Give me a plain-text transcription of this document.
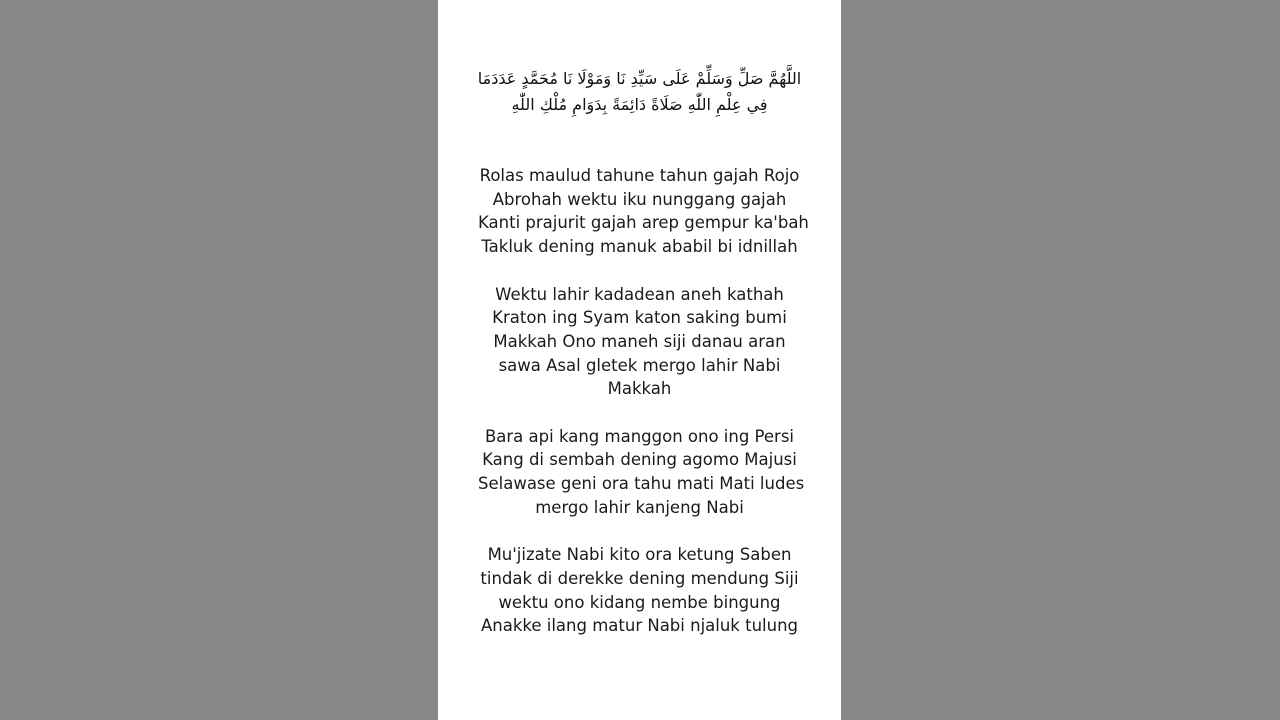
اللَّهُمَّ صَلِّ وَسَلِّمْ عَلَى سَيِّدِ نَا وَمَوْلَا نَا مُحَمَّدٍ عَدَدَمَا
فِي عِلْمِ اللّٰهِ صَلَاةً دَائِمَةً بِدَوَامِ مُلْكِ اللّٰهِ
Rolas maulud tahune tahun gajah Rojo
Abrohah wektu iku nunggang gajah
Kanti prajurit gajah arep gempur ka'bah
Takluk dening manuk ababil bi idnillah
Wektu lahir kadadean aneh kathah
Kraton ing Syam katon saking bumi
Makkah Ono maneh siji danau aran
sawa Asal gletek mergo lahir Nabi
Makkah
Bara api kang manggon ono ing Persi
Kang di sembah dening agomo Majusi
Selawase geni ora tahu mati Mati ludes
mergo lahir kanjeng Nabi
Mu'jizate Nabi kito ora ketung Saben
tindak di derekke dening mendung Siji
wektu ono kidang nembe bingung
Anakke ilang matur Nabi njaluk tulung
